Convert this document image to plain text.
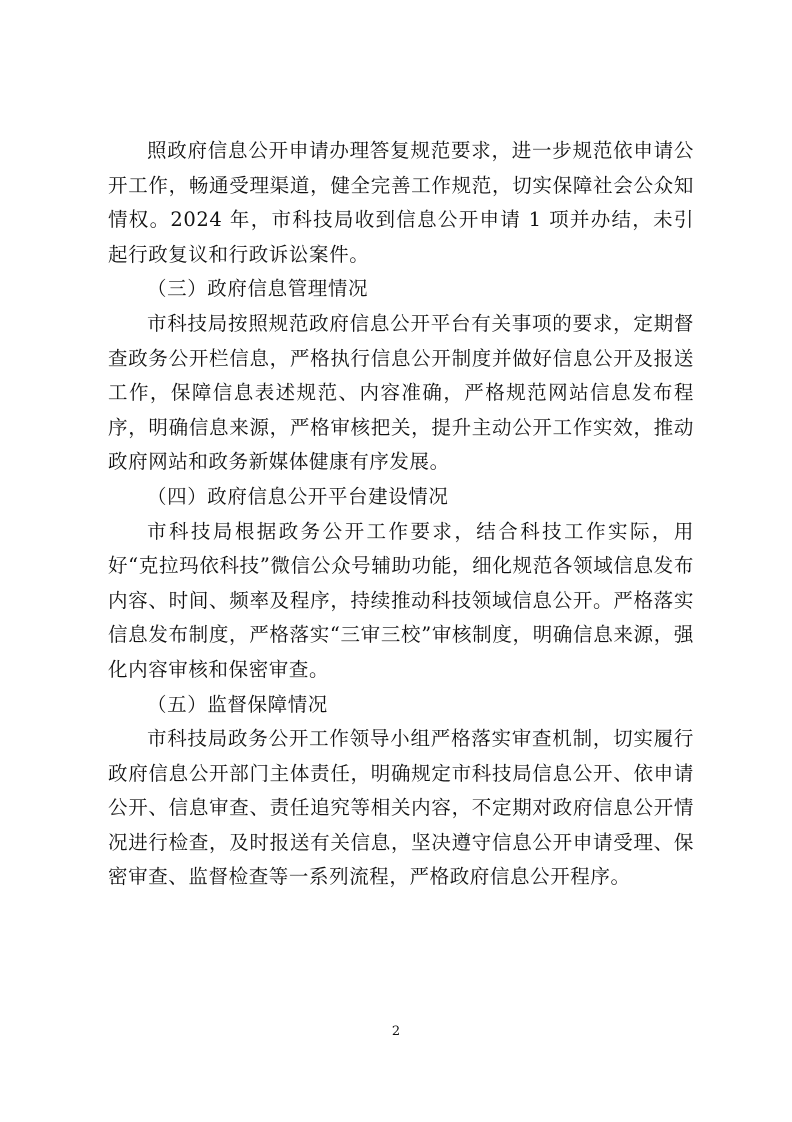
照政府信息公开申请办理答复规范要求，进一步规范依申请公开工作，畅通受理渠道，健全完善工作规范，切实保障社会公众知情权。2024 年，市科技局收到信息公开申请 1 项并办结，未引起行政复议和行政诉讼案件。

（三）政府信息管理情况

市科技局按照规范政府信息公开平台有关事项的要求，定期督查政务公开栏信息，严格执行信息公开制度并做好信息公开及报送工作，保障信息表述规范、内容准确，严格规范网站信息发布程序，明确信息来源，严格审核把关，提升主动公开工作实效，推动政府网站和政务新媒体健康有序发展。

（四）政府信息公开平台建设情况

市科技局根据政务公开工作要求，结合科技工作实际，用好“克拉玛依科技”微信公众号辅助功能，细化规范各领域信息发布内容、时间、频率及程序，持续推动科技领域信息公开。严格落实信息发布制度，严格落实“三审三校”审核制度，明确信息来源，强化内容审核和保密审查。

（五）监督保障情况

市科技局政务公开工作领导小组严格落实审查机制，切实履行政府信息公开部门主体责任，明确规定市科技局信息公开、依申请公开、信息审查、责任追究等相关内容，不定期对政府信息公开情况进行检查，及时报送有关信息，坚决遵守信息公开申请受理、保密审查、监督检查等一系列流程，严格政府信息公开程序。

2
